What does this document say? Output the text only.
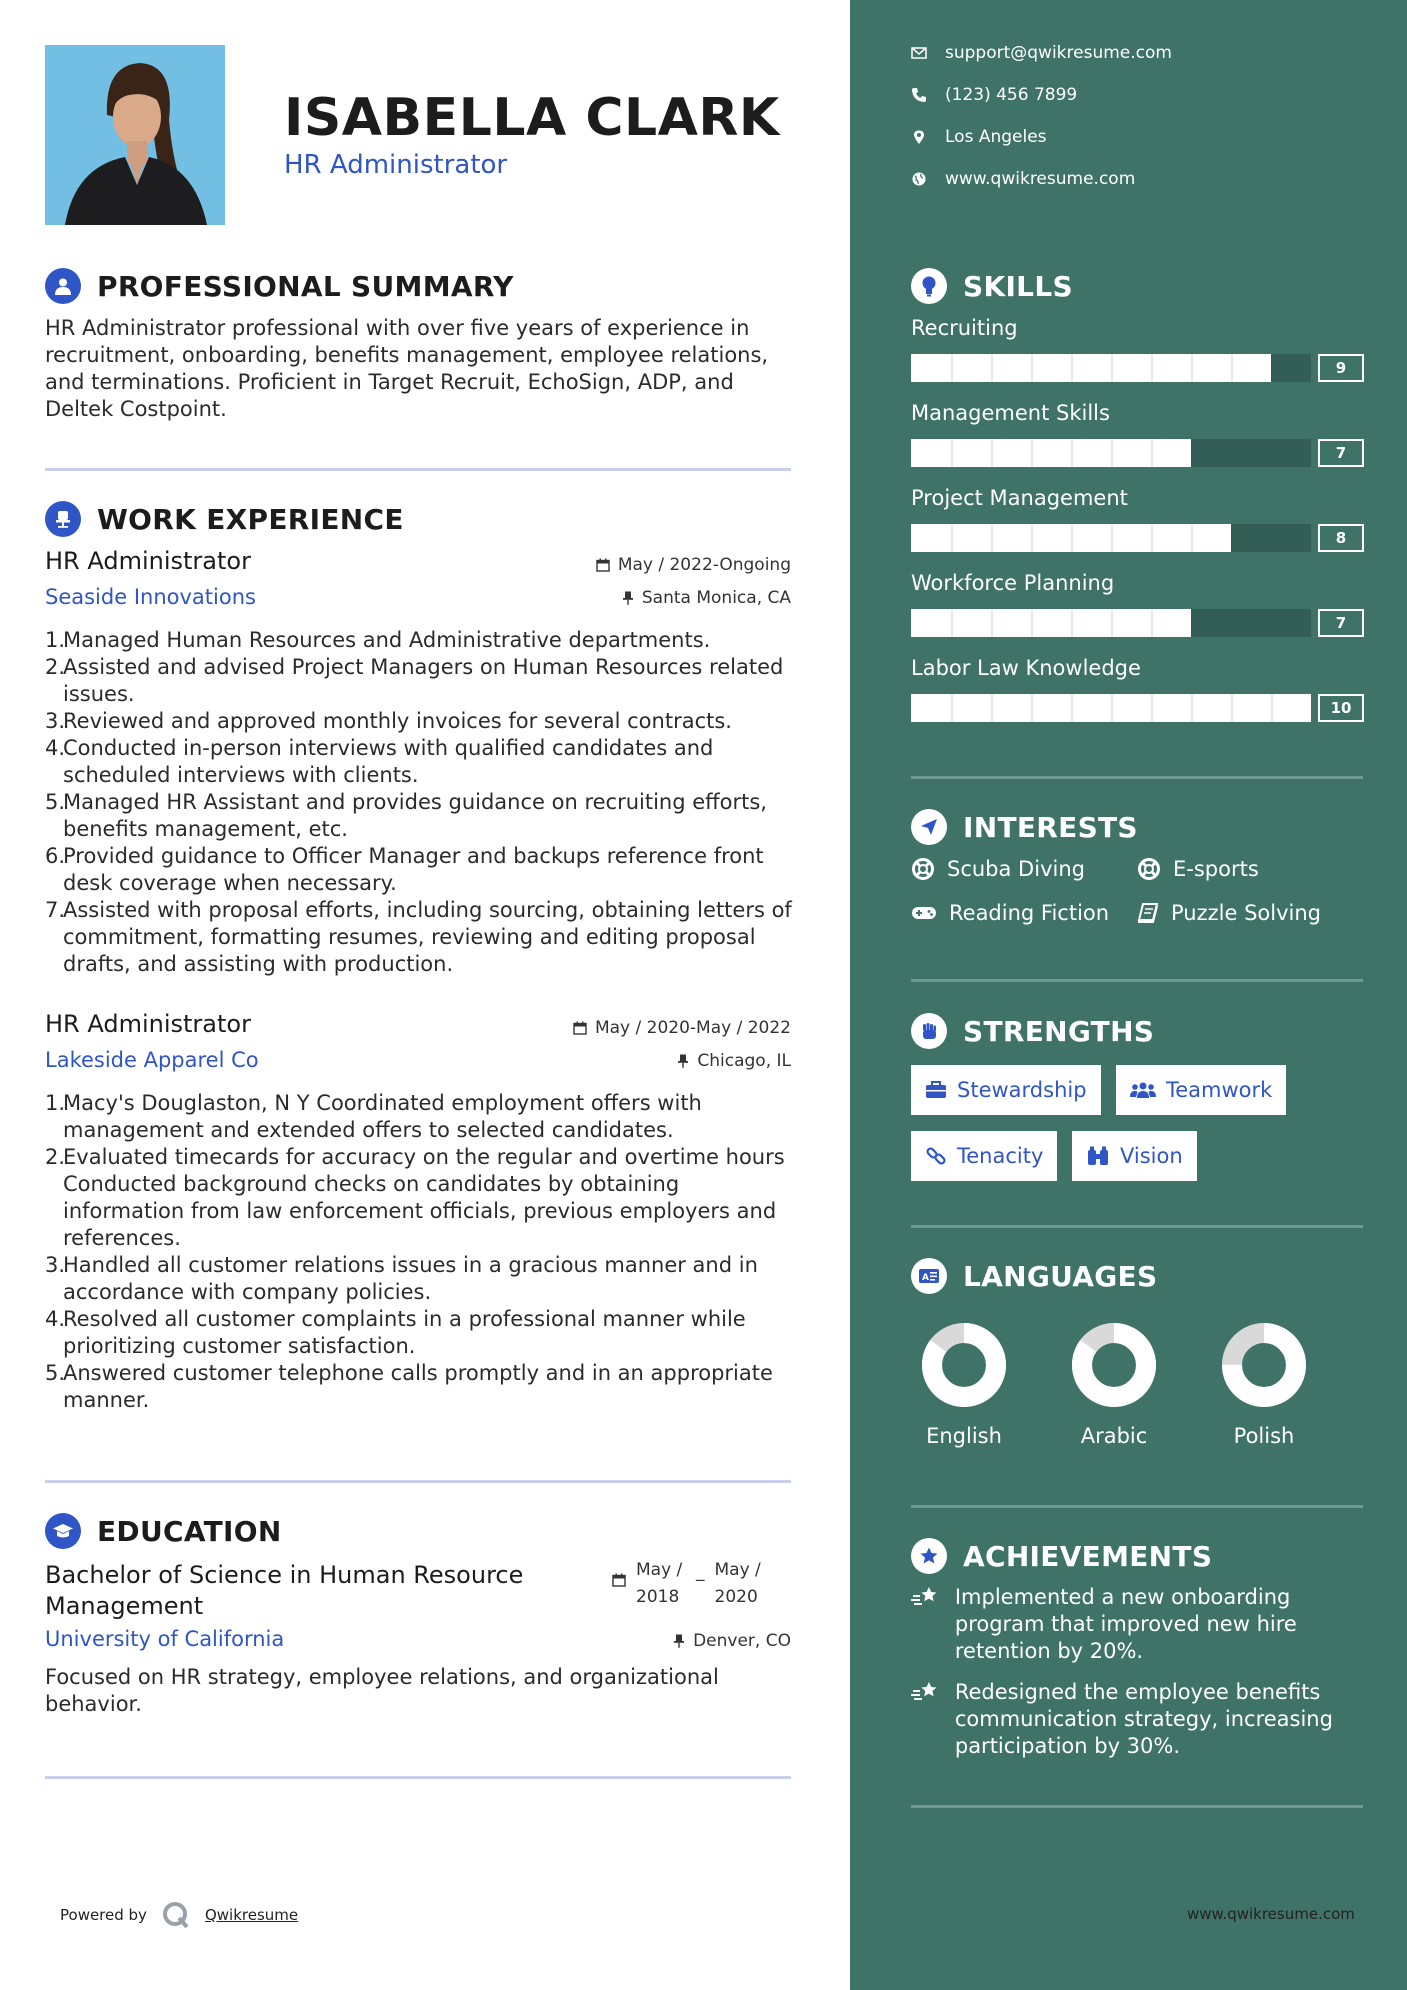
ISABELLA CLARK
HR Administrator
PROFESSIONAL SUMMARY
HR Administrator professional with over five years of experience in recruitment, onboarding, benefits management, employee relations, and terminations. Proficient in Target Recruit, EchoSign, ADP, and Deltek Costpoint.
WORK EXPERIENCE
HR Administrator
Seaside Innovations
May / 2022-Ongoing
Santa Monica, CA
1.
Managed Human Resources and Administrative departments.
2.
Assisted and advised Project Managers on Human Resources related issues.
3.
Reviewed and approved monthly invoices for several contracts.
4.
Conducted in-person interviews with qualified candidates and scheduled interviews with clients.
5.
Managed HR Assistant and provides guidance on recruiting efforts, benefits management, etc.
6.
Provided guidance to Officer Manager and backups reference front desk coverage when necessary.
7.
Assisted with proposal efforts, including sourcing, obtaining letters of commitment, formatting resumes, reviewing and editing proposal drafts, and assisting with production.
HR Administrator
Lakeside Apparel Co
May / 2020-May / 2022
Chicago, IL
1.
Macy's Douglaston, N Y Coordinated employment offers with management and extended offers to selected candidates.
2.
Evaluated timecards for accuracy on the regular and overtime hours Conducted background checks on candidates by obtaining information from law enforcement officials, previous employers and references.
3.
Handled all customer relations issues in a gracious manner and in accordance with company policies.
4.
Resolved all customer complaints in a professional manner while prioritizing customer satisfaction.
5.
Answered customer telephone calls promptly and in an appropriate manner.
EDUCATION
Bachelor of Science in Human Resource Management
University of California
May / 2018
_ May / 2020
Denver, CO
Focused on HR strategy, employee relations, and organizational behavior.
Powered by	Qwikresume
support@qwikresume.com
(123) 456 7899
Los Angeles
www.qwikresume.com
SKILLS
Recruiting
9
Management Skills
7
Project Management
8
Workforce Planning
7
Labor Law Knowledge
10
INTERESTS
Scuba Diving	E-sports
Reading Fiction	Puzzle Solving
STRENGTHS
Stewardship	Teamwork
Tenacity	Vision
A LANGUAGES
English	Arabic	Polish
ACHIEVEMENTS
Implemented a new onboarding program that improved new hire retention by 20%.
Redesigned the employee benefits communication strategy, increasing participation by 30%.
www.qwikresume.com
